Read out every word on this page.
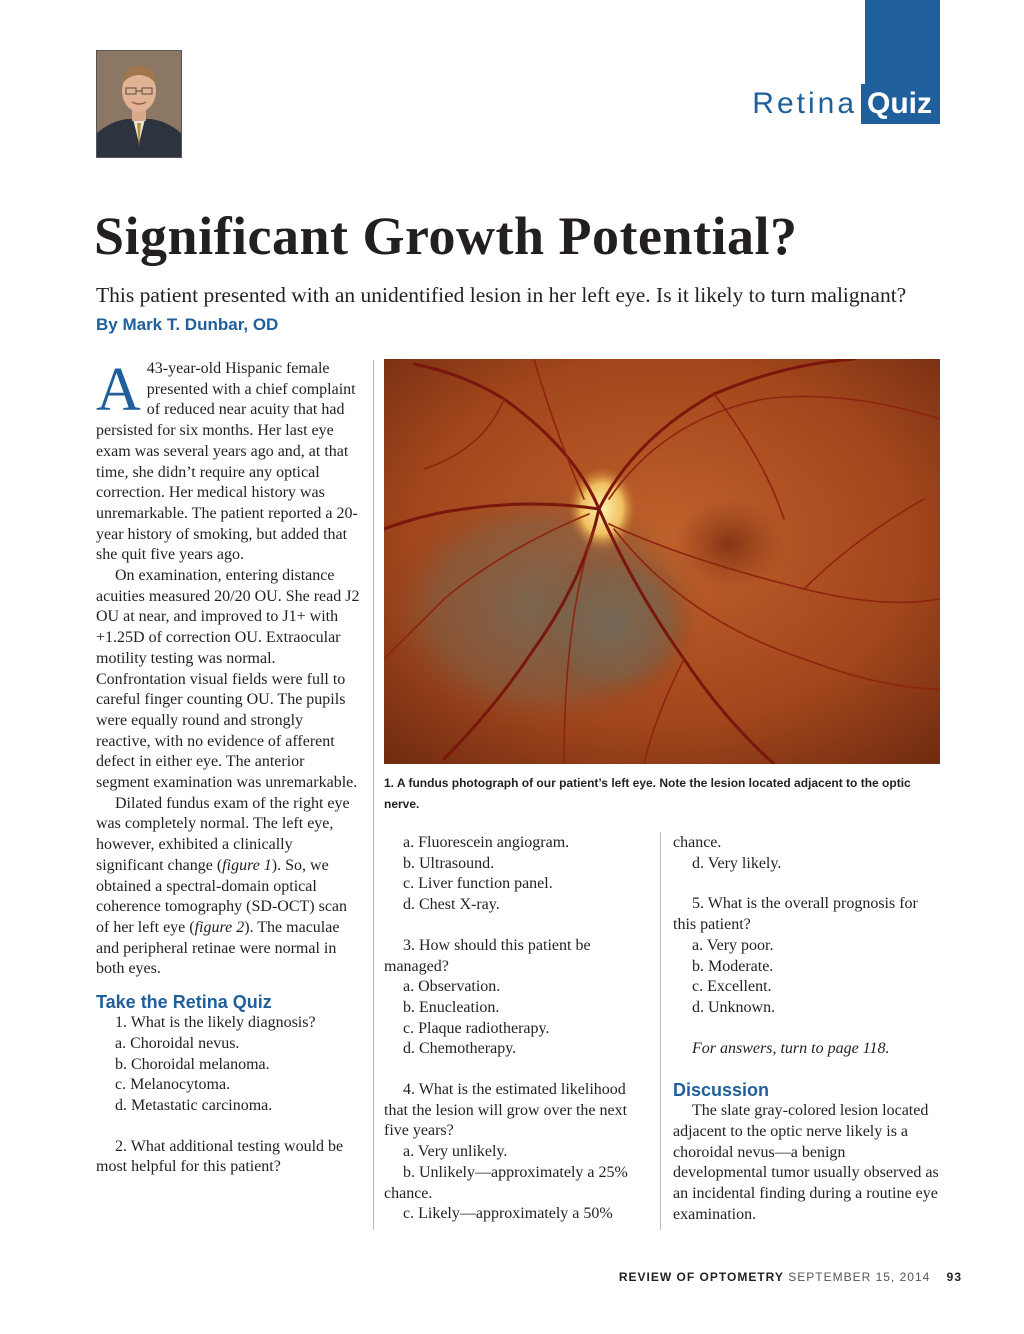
Retina Quiz
Significant Growth Potential?
This patient presented with an unidentified lesion in her left eye. Is it likely to turn malignant? By Mark T. Dunbar, OD

A 43-year-old Hispanic female presented with a chief complaint of reduced near acuity that had persisted for six months. Her last eye exam was several years ago and, at that time, she didn’t require any optical correction. Her medical history was unremarkable. The patient reported a 20-year history of smoking, but added that she quit five years ago.

On examination, entering distance acuities measured 20/20 OU. She read J2 OU at near, and improved to J1+ with +1.25D of correction OU. Extraocular motility testing was normal. Confrontation visual fields were full to careful finger counting OU. The pupils were equally round and strongly reactive, with no evidence of afferent defect in either eye. The anterior segment examination was unremarkable.

Dilated fundus exam of the right eye was completely normal. The left eye, however, exhibited a clinically significant change (figure 1). So, we obtained a spectral-domain optical coherence tomography (SD-OCT) scan of her left eye (figure 2). The maculae and peripheral retinae were normal in both eyes.

Take the Retina Quiz

1. What is the likely diagnosis?

a. Choroidal nevus.

b. Choroidal melanoma.

c. Melanocytoma.

d. Metastatic carcinoma.

2. What additional testing would be most helpful for this patient?

1. A fundus photograph of our patient’s left eye. Note the lesion located adjacent to the optic nerve.

a. Fluorescein angiogram.

b. Ultrasound.

c. Liver function panel.

d. Chest X-ray.

3. How should this patient be managed?

a. Observation.

b. Enucleation.

c. Plaque radiotherapy.

d. Chemotherapy.

4. What is the estimated likelihood that the lesion will grow over the next five years?

a. Very unlikely.

b. Unlikely—approximately a 25% chance.

c. Likely—approximately a 50%

chance.

d. Very likely.

5. What is the overall prognosis for this patient?

a. Very poor.

b. Moderate.

c. Excellent.

d. Unknown.

For answers, turn to page 118.

Discussion

The slate gray-colored lesion located adjacent to the optic nerve likely is a choroidal nevus—a benign developmental tumor usually observed as an incidental finding during a routine eye examination.

REVIEW OF OPTOMETRY SEPTEMBER 15, 2014 93
